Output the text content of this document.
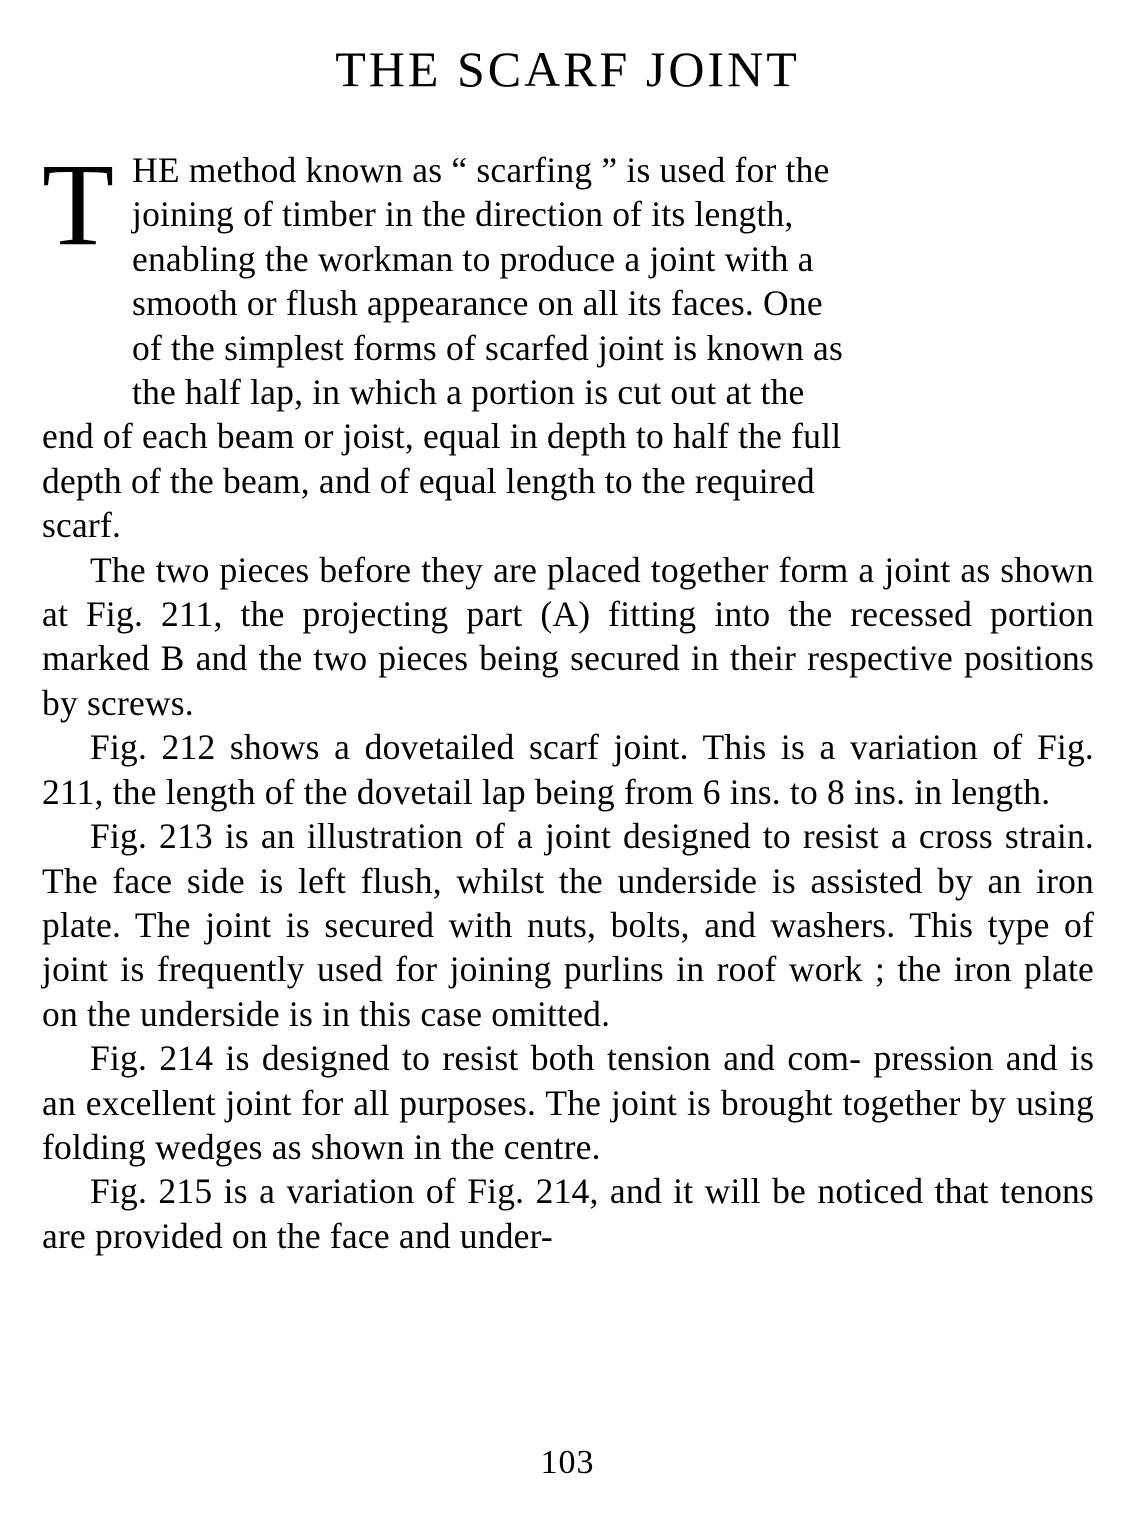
THE SCARF JOINT

T HE method known as “ scarfing ” is used for the
joining of timber in the direction of its length,
enabling the workman to produce a joint with a
smooth or flush appearance on all its faces. One
of the simplest forms of scarfed joint is known as
the half lap, in which a portion is cut out at the
end of each beam or joist, equal in depth to half the full
depth of the beam, and of equal length to the required
scarf.

The two pieces before they are placed together form a joint as shown at Fig. 211, the projecting part (A) fitting into the recessed portion marked B and the two pieces being secured in their respective positions by screws.

Fig. 212 shows a dovetailed scarf joint. This is a variation of Fig. 211, the length of the dovetail lap being from 6 ins. to 8 ins. in length.

Fig. 213 is an illustration of a joint designed to resist a cross strain. The face side is left flush, whilst the underside is assisted by an iron plate. The joint is secured with nuts, bolts, and washers. This type of joint is frequently used for joining purlins in roof work ; the iron plate on the underside is in this case omitted.

Fig. 214 is designed to resist both tension and com- pression and is an excellent joint for all purposes. The joint is brought together by using folding wedges as shown in the centre.

Fig. 215 is a variation of Fig. 214, and it will be noticed that tenons are provided on the face and under-

103
